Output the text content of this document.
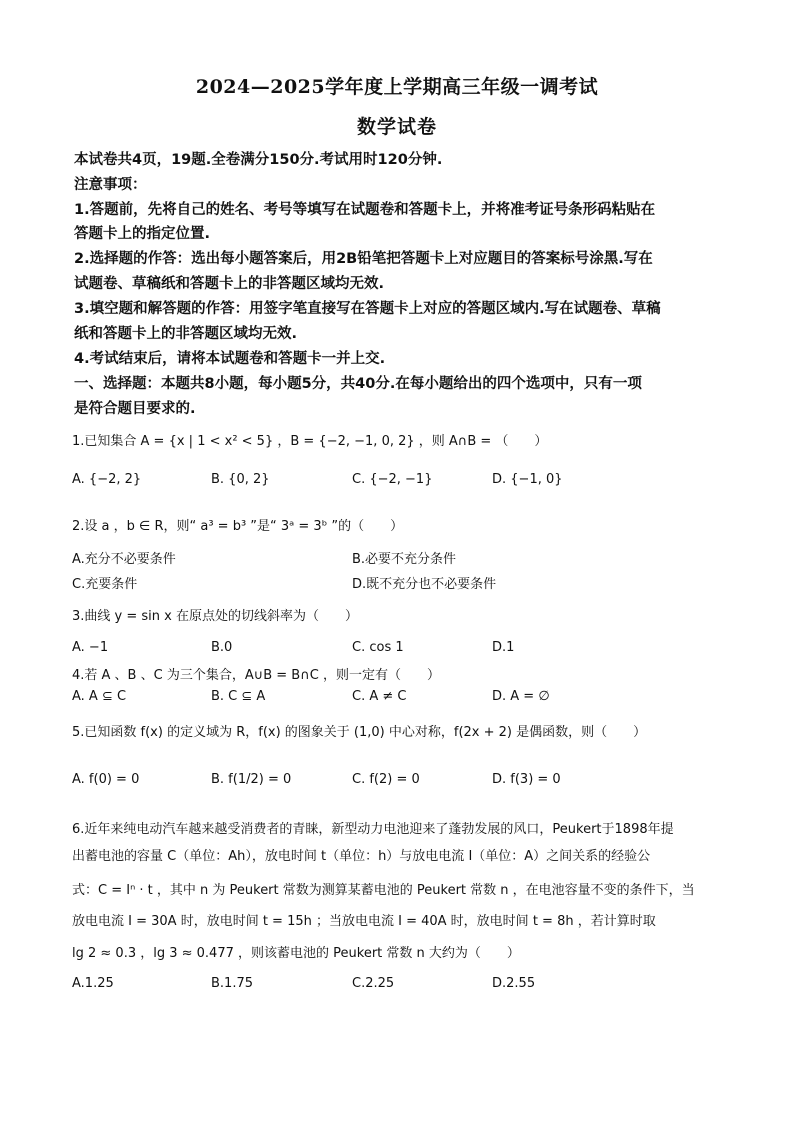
2024—2025学年度上学期高三年级一调考试
数学试卷
本试卷共4页，19题.全卷满分150分.考试用时120分钟.
注意事项：
1.答题前，先将自己的姓名、考号等填写在试题卷和答题卡上，并将准考证号条形码粘贴在
答题卡上的指定位置.
2.选择题的作答：选出每小题答案后，用2B铅笔把答题卡上对应题目的答案标号涂黑.写在
试题卷、草稿纸和答题卡上的非答题区域均无效.
3.填空题和解答题的作答：用签字笔直接写在答题卡上对应的答题区域内.写在试题卷、草稿
纸和答题卡上的非答题区域均无效.
4.考试结束后，请将本试题卷和答题卡一并上交.
一、选择题：本题共8小题，每小题5分，共40分.在每小题给出的四个选项中，只有一项
是符合题目要求的.
1.已知集合 A = {x | 1 < x² < 5} ，B = {−2, −1, 0, 2} ，则 A∩B = （　　）
A. {−2, 2}	B. {0, 2}	C. {−2, −1}	D. {−1, 0}
2.设 a ，b ∈ R，则“ a³ = b³ ”是“ 3ᵃ = 3ᵇ ”的（　　）
A.充分不必要条件	B.必要不充分条件
C.充要条件	D.既不充分也不必要条件
3.曲线 y = sin x 在原点处的切线斜率为（　　）
A. −1	B.0	C. cos 1	D.1
4.若 A 、B 、C 为三个集合，A∪B = B∩C ，则一定有（　　）
A. A ⊆ C	B. C ⊆ A	C. A ≠ C	D. A = ∅
5.已知函数 f(x) 的定义域为 R，f(x) 的图象关于 (1,0) 中心对称，f(2x + 2) 是偶函数，则（　　）
A. f(0) = 0	B. f(1/2) = 0	C. f(2) = 0	D. f(3) = 0
6.近年来纯电动汽车越来越受消费者的青睐，新型动力电池迎来了蓬勃发展的风口，Peukert于1898年提
出蓄电池的容量 C（单位：Ah），放电时间 t（单位：h）与放电电流 I（单位：A）之间关系的经验公
式：C = Iⁿ · t ，其中 n 为 Peukert 常数为测算某蓄电池的 Peukert 常数 n ，在电池容量不变的条件下，当
放电电流 I = 30A 时，放电时间 t = 15h ；当放电电流 I = 40A 时，放电时间 t = 8h ，若计算时取
lg 2 ≈ 0.3 ，lg 3 ≈ 0.477 ，则该蓄电池的 Peukert 常数 n 大约为（　　）
A.1.25	B.1.75	C.2.25	D.2.55
